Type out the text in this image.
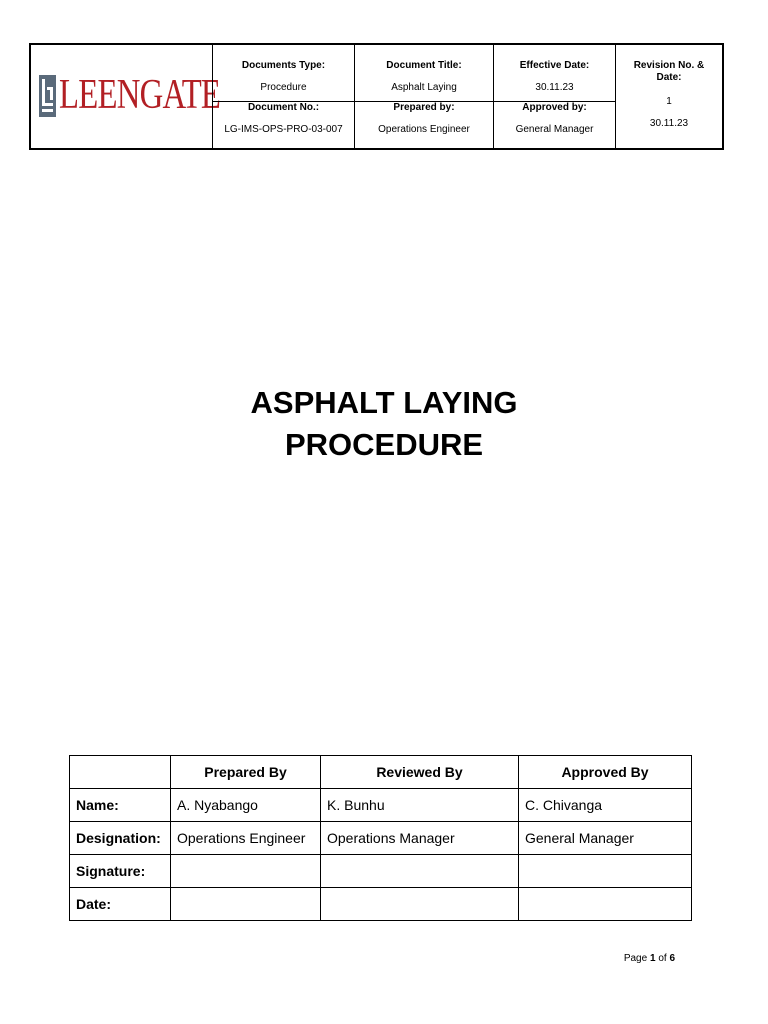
LEENGATE
Documents Type:
Procedure
Document Title:
Asphalt Laying
Effective Date:
30.11.23
Document No.:
LG-IMS-OPS-PRO-03-007
Prepared by:
Operations Engineer
Approved by:
General Manager
Revision No. & Date:
1
30.11.23
ASPHALT LAYING
PROCEDURE
	Prepared By	Reviewed By	Approved By
Name:	A. Nyabango	K. Bunhu	C. Chivanga
Designation:	Operations Engineer	Operations Manager	General Manager
Signature:			
Date:			
Page 1 of 6
